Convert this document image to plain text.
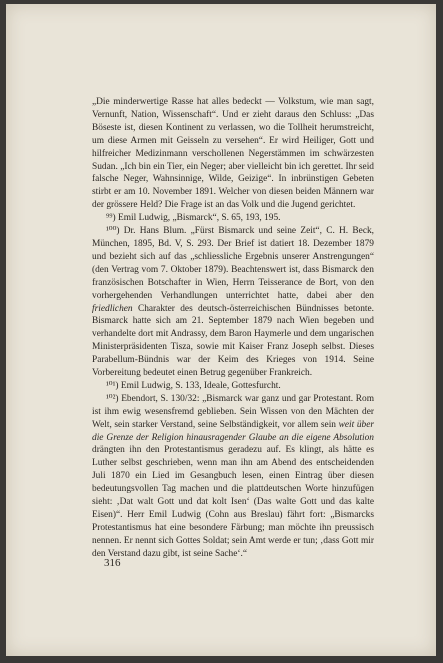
„Die minderwertige Rasse hat alles bedeckt — Volkstum, wie man sagt, Vernunft, Nation, Wissenschaft“. Und er zieht daraus den Schluss: „Das Böseste ist, diesen Kontinent zu verlassen, wo die Tollheit herumstreicht, um diese Armen mit Geisseln zu versehen“. Er wird Heiliger, Gott und hilfreicher Medizinmann verschollenen Negerstämmen im schwärzesten Sudan. „Ich bin ein Tier, ein Neger; aber vielleicht bin ich gerettet. Ihr seid falsche Neger, Wahnsinnige, Wilde, Geizige“. In inbrünstigen Gebeten stirbt er am 10. November 1891. Welcher von diesen beiden Männern war der grössere Held? Die Frage ist an das Volk und die Jugend gerichtet.

⁹⁹) Emil Ludwig, „Bismarck“, S. 65, 193, 195.

¹⁰⁰) Dr. Hans Blum. „Fürst Bismarck und seine Zeit“, C. H. Beck, München, 1895, Bd. V, S. 293. Der Brief ist datiert 18. Dezember 1879 und bezieht sich auf das „schliessliche Ergebnis unserer Anstrengungen“ (den Vertrag vom 7. Oktober 1879). Beachtenswert ist, dass Bismarck den französischen Botschafter in Wien, Herrn Teisserance de Bort, von den vorhergehenden Verhandlungen unterrichtet hatte, dabei aber den friedlichen Charakter des deutsch-österreichischen Bündnisses betonte. Bismarck hatte sich am 21. September 1879 nach Wien begeben und verhandelte dort mit Andrassy, dem Baron Haymerle und dem ungarischen Ministerpräsidenten Tisza, sowie mit Kaiser Franz Joseph selbst. Dieses Parabellum-Bündnis war der Keim des Krieges von 1914. Seine Vorbereitung bedeutet einen Betrug gegenüber Frankreich.

¹⁰¹) Emil Ludwig, S. 133, Ideale, Gottesfurcht.

¹⁰²) Ebendort, S. 130/32: „Bismarck war ganz und gar Protestant. Rom ist ihm ewig wesensfremd geblieben. Sein Wissen von den Mächten der Welt, sein starker Verstand, seine Selbständigkeit, vor allem sein weit über die Grenze der Religion hinausragender Glaube an die eigene Absolution drängten ihn den Protestantismus geradezu auf. Es klingt, als hätte es Luther selbst geschrieben, wenn man ihn am Abend des entscheidenden Juli 1870 ein Lied im Gesangbuch lesen, einen Eintrag über diesen bedeutungsvollen Tag machen und die plattdeutschen Worte hinzufügen sieht: ‚Dat walt Gott und dat kolt Isen‘ (Das walte Gott und das kalte Eisen)“. Herr Emil Ludwig (Cohn aus Breslau) fährt fort: „Bismarcks Protestantismus hat eine besondere Färbung; man möchte ihn preussisch nennen. Er nennt sich Gottes Soldat; sein Amt werde er tun; ‚dass Gott mir den Verstand dazu gibt, ist seine Sache‘.“

316
